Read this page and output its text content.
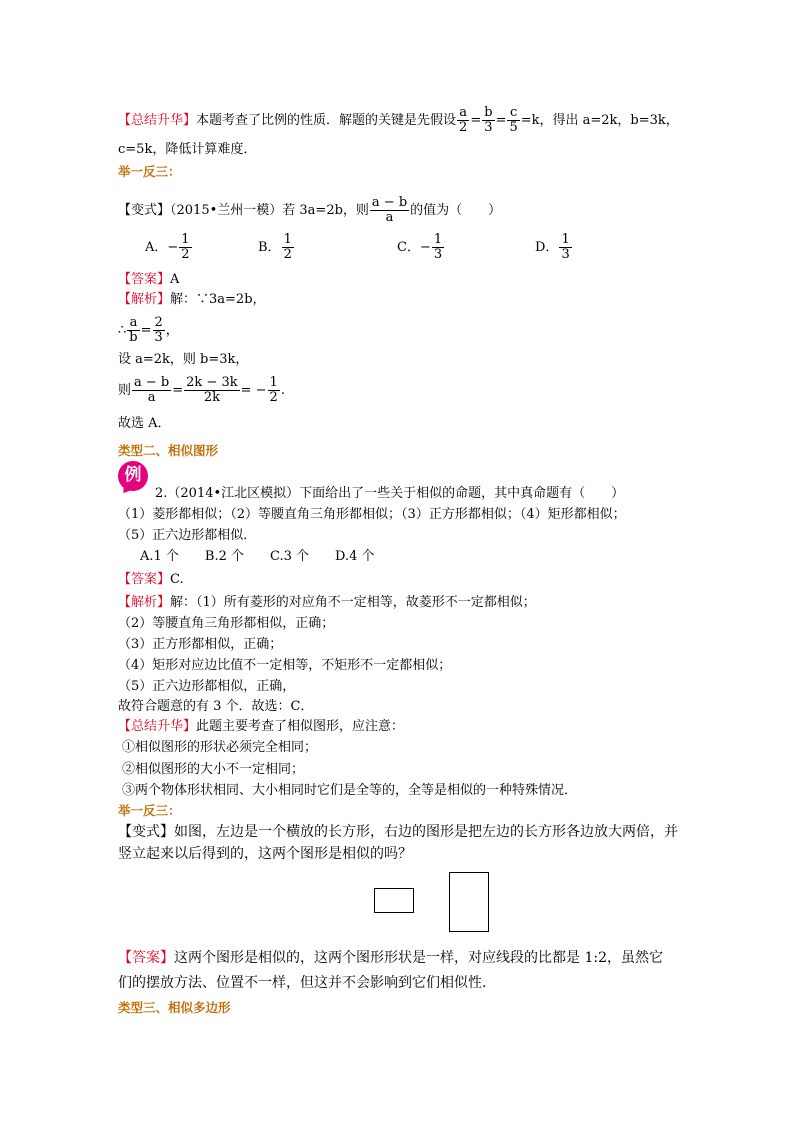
【总结升华】本题考查了比例的性质．解题的关键是先假设 $\frac{a}{2} = \frac{b}{3} = \frac{c}{5} =k$，得出 a=2k，b=3k，
c=5k，降低计算难度．
举一反三：
【变式】（2015•兰州一模）若 3a=2b，则 $\frac{a - b}{a}$ 的值为（　　）
A．− $\frac{1}{2}$	B． $\frac{1}{2}$	C．− $\frac{1}{3}$	D． $\frac{1}{3}$
【答案】A
【解析】解：∵3a=2b，
∴ $\frac{a}{b} = \frac{2}{3}$ ，
设 a=2k，则 b=3k，
则 $\frac{a - b}{a} = \frac{2k - 3k}{2k}$ = − $\frac{1}{2}$ .
故选 A．
类型二、相似图形
例
2.（2014•江北区模拟）下面给出了一些关于相似的命题，其中真命题有（　　）
（1）菱形都相似；（2）等腰直角三角形都相似；（3）正方形都相似；（4）矩形都相似；
（5）正六边形都相似．
A.1 个　　B.2 个　　C.3 个　　D.4 个
【答案】C.
【解析】解：（1）所有菱形的对应角不一定相等，故菱形不一定都相似；
（2）等腰直角三角形都相似，正确；
（3）正方形都相似，正确；
（4）矩形对应边比值不一定相等，不矩形不一定都相似；
（5）正六边形都相似，正确，
故符合题意的有 3 个．故选：C．
【总结升华】此题主要考查了相似图形，应注意：
①相似图形的形状必须完全相同；
②相似图形的大小不一定相同；
③两个物体形状相同、大小相同时它们是全等的，全等是相似的一种特殊情况．
举一反三：
【变式】如图，左边是一个横放的长方形，右边的图形是把左边的长方形各边放大两倍，并
竖立起来以后得到的，这两个图形是相似的吗？
【答案】这两个图形是相似的，这两个图形形状是一样，对应线段的比都是 1:2，虽然它
们的摆放方法、位置不一样，但这并不会影响到它们相似性.
类型三、相似多边形
